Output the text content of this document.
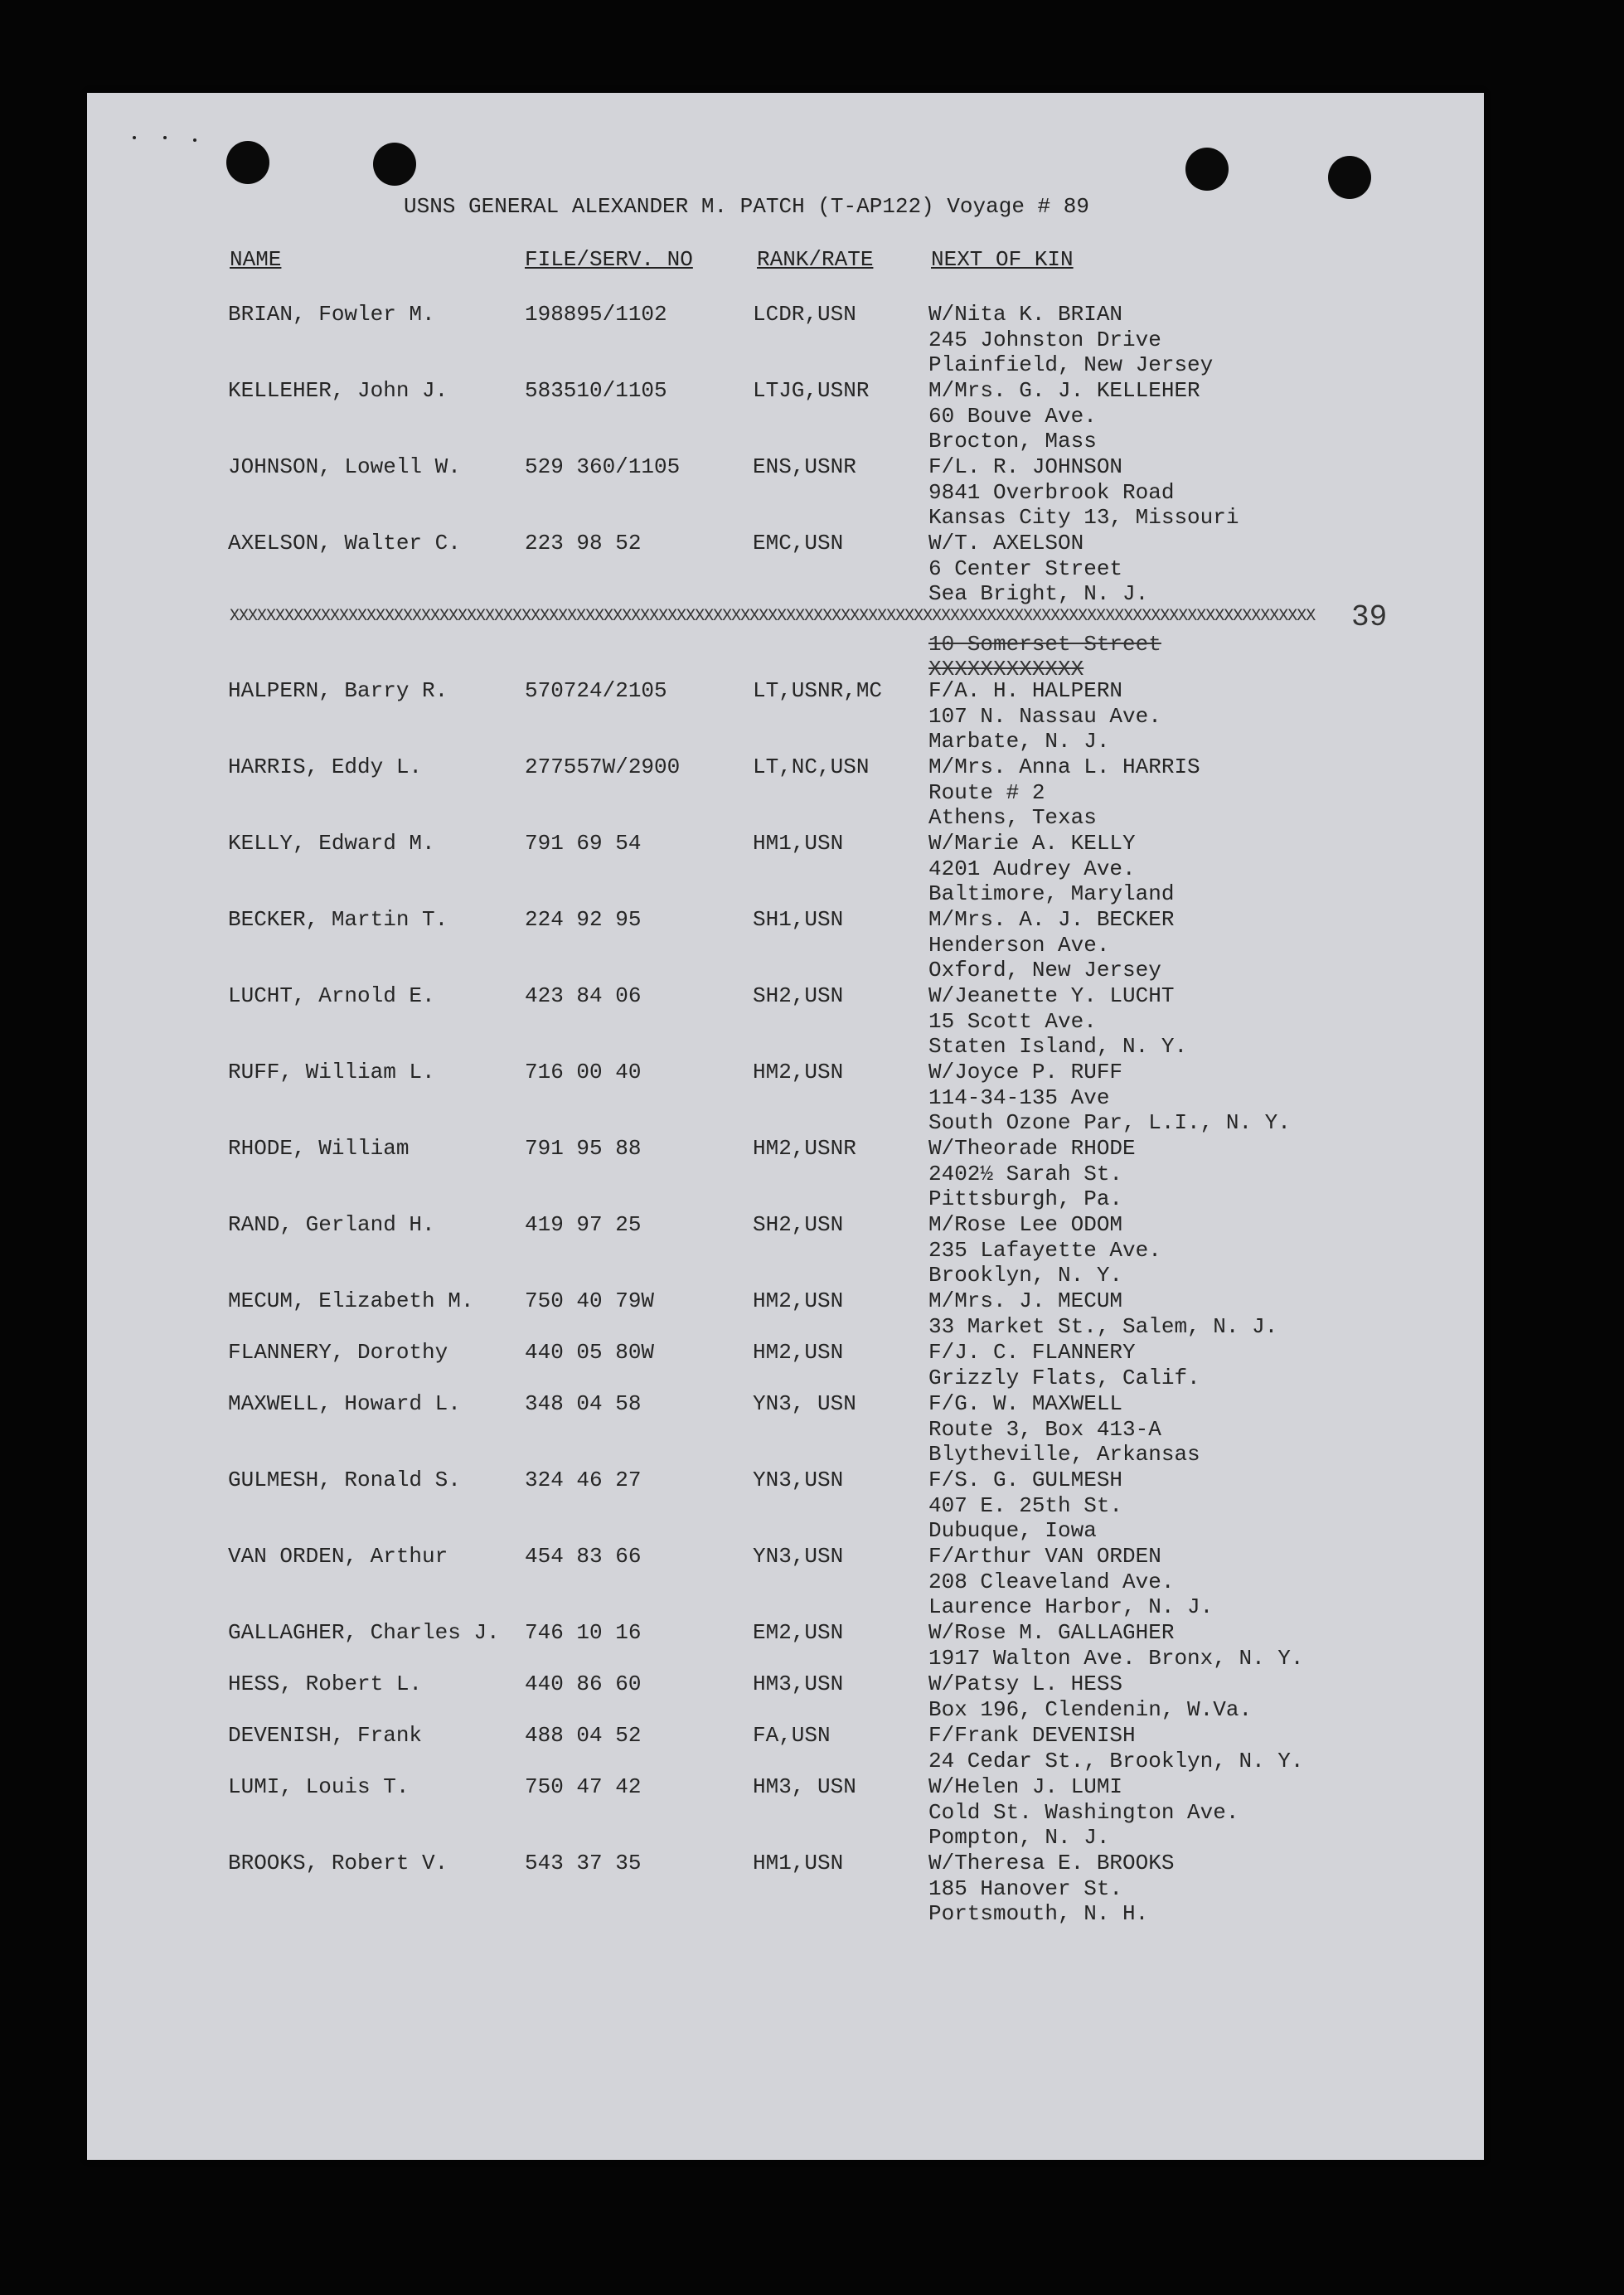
USNS GENERAL ALEXANDER M. PATCH (T-AP122) Voyage # 89
NAME	FILE/SERV. NO	RANK/RATE	NEXT OF KIN
XXXXXXXXXXXXXXXXXXXXXXXXXXXXXXXXXXXXXXXXXXXXXXXXXXXXXXXXXXXXXXXXXXXXXXXXXXXXXXXXXXXXXXXXXXXXXXXXXXXXXXXXXXXXXXXXXXXXXXX
10 Somerset Street
XXXXXXXXXXXX
39
BRIAN, Fowler M.	198895/1102	LCDR,USN	W/Nita K. BRIAN
245 Johnston Drive
Plainfield, New Jersey
KELLEHER, John J.	583510/1105	LTJG,USNR	M/Mrs. G. J. KELLEHER
60 Bouve Ave.
Brocton, Mass
JOHNSON, Lowell W.	529 360/1105	ENS,USNR	F/L. R. JOHNSON
9841 Overbrook Road
Kansas City 13, Missouri
AXELSON, Walter C.	223 98 52	EMC,USN	W/T. AXELSON
6 Center Street
Sea Bright, N. J.
HALPERN, Barry R.	570724/2105	LT,USNR,MC F/A. H. HALPERN
107 N. Nassau Ave.
Marbate, N. J.
HARRIS, Eddy L.	277557W/2900	LT,NC,USN	M/Mrs. Anna L. HARRIS
Route # 2
Athens, Texas
KELLY, Edward M.	791 69 54	HM1,USN	W/Marie A. KELLY
4201 Audrey Ave.
Baltimore, Maryland
BECKER, Martin T.	224 92 95	SH1,USN	M/Mrs. A. J. BECKER
Henderson Ave.
Oxford, New Jersey
LUCHT, Arnold E.	423 84 06	SH2,USN	W/Jeanette Y. LUCHT
15 Scott Ave.
Staten Island, N. Y.
RUFF, William L.	716 00 40	HM2,USN	W/Joyce P. RUFF
114-34-135 Ave
South Ozone Par, L.I., N. Y.
RHODE, William	791 95 88	HM2,USNR	W/Theorade RHODE
2402½ Sarah St.
Pittsburgh, Pa.
RAND, Gerland H.	419 97 25	SH2,USN	M/Rose Lee ODOM
235 Lafayette Ave.
Brooklyn, N. Y.
MECUM, Elizabeth M. 750 40 79W	HM2,USN	M/Mrs. J. MECUM
33 Market St., Salem, N. J.
FLANNERY, Dorothy	440 05 80W	HM2,USN	F/J. C. FLANNERY
Grizzly Flats, Calif.
MAXWELL, Howard L.	348 04 58	YN3, USN	F/G. W. MAXWELL
Route 3, Box 413-A
Blytheville, Arkansas
GULMESH, Ronald S.	324 46 27	YN3,USN	F/S. G. GULMESH
407 E. 25th St.
Dubuque, Iowa
VAN ORDEN, Arthur	454 83 66	YN3,USN	F/Arthur VAN ORDEN
208 Cleaveland Ave.
Laurence Harbor, N. J.
GALLAGHER, Charles J. 746 10 16	EM2,USN	W/Rose M. GALLAGHER
1917 Walton Ave. Bronx, N. Y.
HESS, Robert L.	440 86 60	HM3,USN	W/Patsy L. HESS
Box 196, Clendenin, W.Va.
DEVENISH, Frank	488 04 52	FA,USN	F/Frank DEVENISH
24 Cedar St., Brooklyn, N. Y.
LUMI, Louis T.	750 47 42	HM3, USN	W/Helen J. LUMI
Cold St. Washington Ave.
Pompton, N. J.
BROOKS, Robert V.	543 37 35	HM1,USN	W/Theresa E. BROOKS
185 Hanover St.
Portsmouth, N. H.
